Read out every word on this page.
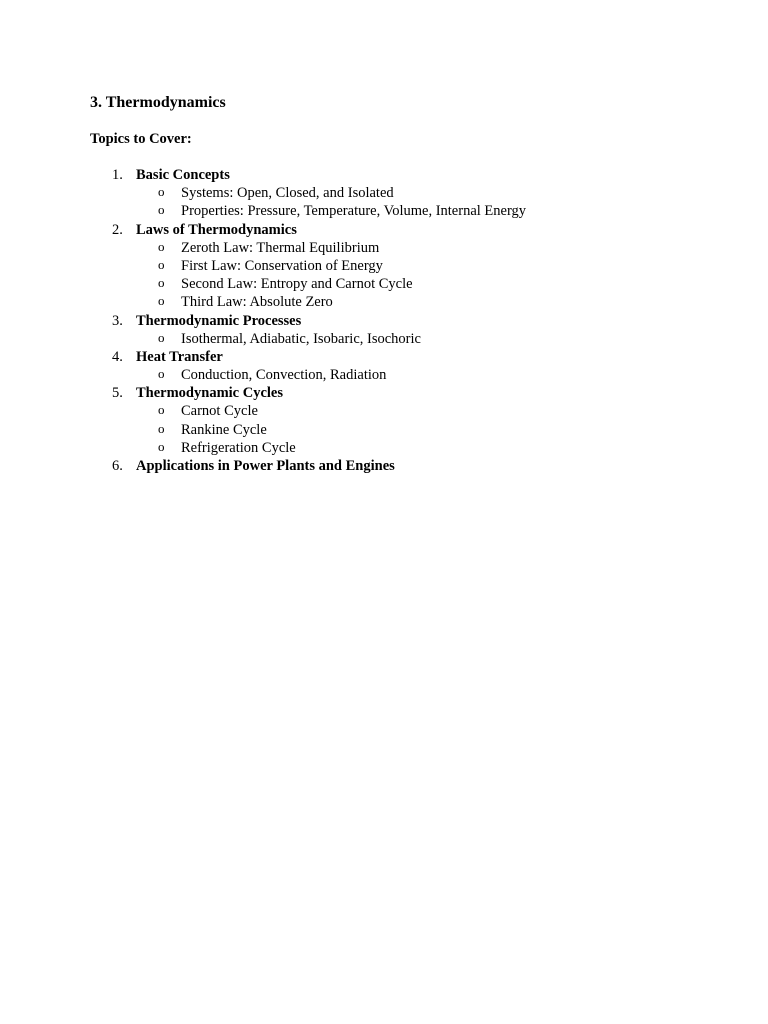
3. Thermodynamics
Topics to Cover:
1. Basic Concepts
o Systems: Open, Closed, and Isolated
o Properties: Pressure, Temperature, Volume, Internal Energy
2. Laws of Thermodynamics
o Zeroth Law: Thermal Equilibrium
o First Law: Conservation of Energy
o Second Law: Entropy and Carnot Cycle
o Third Law: Absolute Zero
3. Thermodynamic Processes
o Isothermal, Adiabatic, Isobaric, Isochoric
4. Heat Transfer
o Conduction, Convection, Radiation
5. Thermodynamic Cycles
o Carnot Cycle
o Rankine Cycle
o Refrigeration Cycle
6. Applications in Power Plants and Engines
